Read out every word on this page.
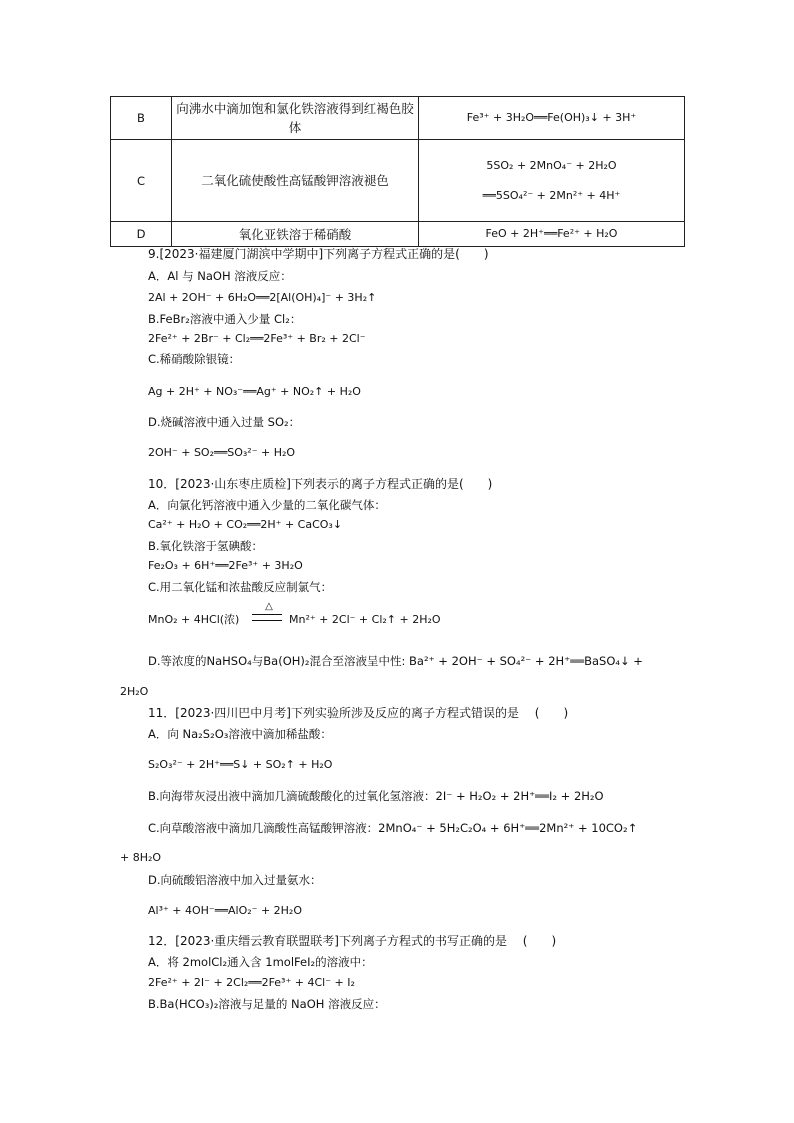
B	向沸水中滴加饱和氯化铁溶液得到红褐色胶体	Fe³⁺ + 3H₂O══Fe(OH)₃↓ + 3H⁺

C	二氧化硫使酸性高锰酸钾溶液褪色	5SO₂ + 2MnO₄⁻ + 2H₂O
══5SO₄²⁻ + 2Mn²⁺ + 4H⁺

D	氧化亚铁溶于稀硝酸	FeO + 2H⁺══Fe²⁺ + H₂O
9.[2023·福建厦门湖滨中学期中]下列离子方程式正确的是(　　)
A．Al 与 NaOH 溶液反应：
2Al + 2OH⁻ + 6H₂O══2[Al(OH)₄]⁻ + 3H₂↑
B.FeBr₂溶液中通入少量 Cl₂：
2Fe²⁺ + 2Br⁻ + Cl₂══2Fe³⁺ + Br₂ + 2Cl⁻
C.稀硝酸除银镜：
Ag + 2H⁺ + NO₃⁻══Ag⁺ + NO₂↑ + H₂O
D.烧碱溶液中通入过量 SO₂：
2OH⁻ + SO₂══SO₃²⁻ + H₂O
10．[2023·山东枣庄质检]下列表示的离子方程式正确的是(　　)
A．向氯化钙溶液中通入少量的二氧化碳气体：
Ca²⁺ + H₂O + CO₂══2H⁺ + CaCO₃↓
B.氧化铁溶于氢碘酸：
Fe₂O₃ + 6H⁺══2Fe³⁺ + 3H₂O
C.用二氧化锰和浓盐酸反应制氯气：
MnO₂ + 4HCl(浓)
△
Mn²⁺ + 2Cl⁻ + Cl₂↑ + 2H₂O
D.等浓度的NaHSO₄与Ba(OH)₂混合至溶液呈中性: Ba²⁺ + 2OH⁻ + SO₄²⁻ + 2H⁺══BaSO₄↓ +
2H₂O
11．[2023·四川巴中月考]下列实验所涉及反应的离子方程式错误的是　 (　　)
A．向 Na₂S₂O₃溶液中滴加稀盐酸：
S₂O₃²⁻ + 2H⁺══S↓ + SO₂↑ + H₂O
B.向海带灰浸出液中滴加几滴硫酸酸化的过氧化氢溶液：2I⁻ + H₂O₂ + 2H⁺══I₂ + 2H₂O
C.向草酸溶液中滴加几滴酸性高锰酸钾溶液：2MnO₄⁻ + 5H₂C₂O₄ + 6H⁺══2Mn²⁺ + 10CO₂↑
+ 8H₂O
D.向硫酸铝溶液中加入过量氨水：
Al³⁺ + 4OH⁻══AlO₂⁻ + 2H₂O
12．[2023·重庆缙云教育联盟联考]下列离子方程式的书写正确的是　 (　　)
A．将 2molCl₂通入含 1molFeI₂的溶液中：
2Fe²⁺ + 2I⁻ + 2Cl₂══2Fe³⁺ + 4Cl⁻ + I₂
B.Ba(HCO₃)₂溶液与足量的 NaOH 溶液反应：
